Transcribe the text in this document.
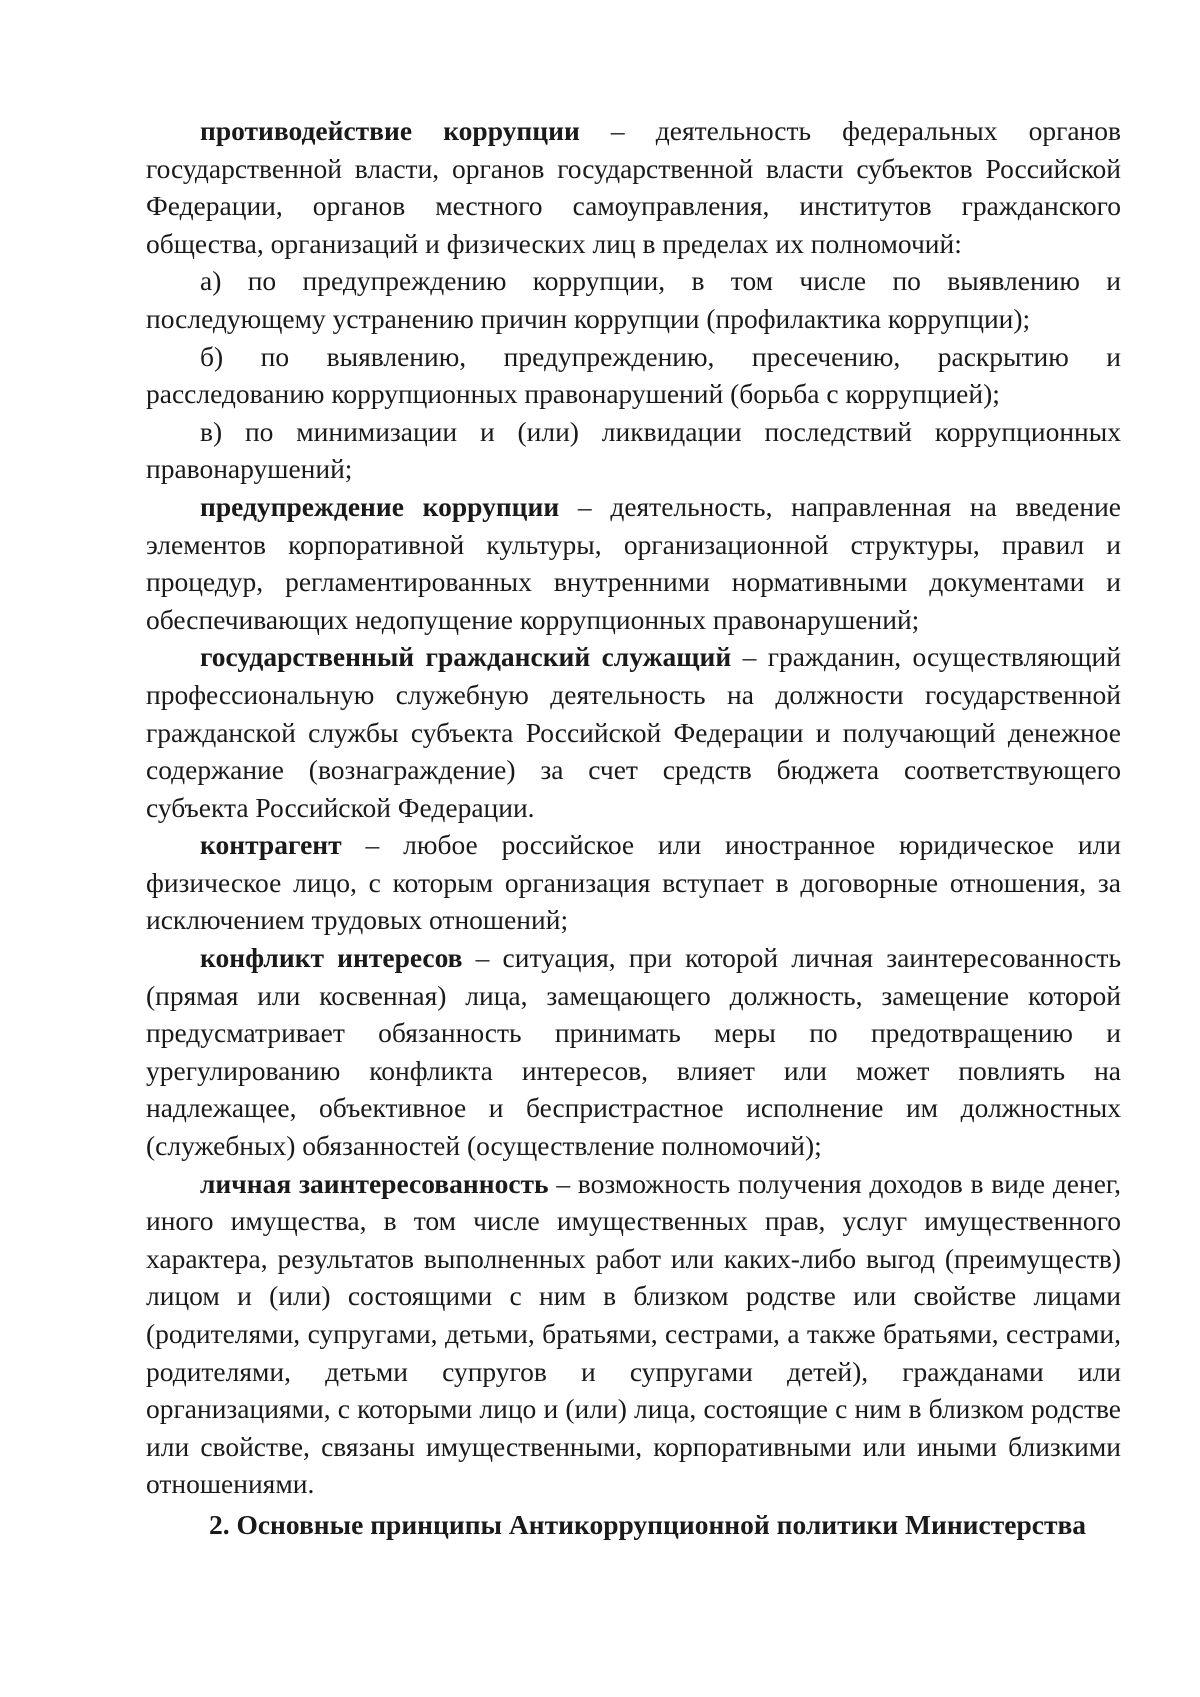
противодействие коррупции – деятельность федеральных органов государственной власти, органов государственной власти субъектов Российской Федерации, органов местного самоуправления, институтов гражданского общества, организаций и физических лиц в пределах их полномочий:

а) по предупреждению коррупции, в том числе по выявлению и последующему устранению причин коррупции (профилактика коррупции);

б) по выявлению, предупреждению, пресечению, раскрытию и расследованию коррупционных правонарушений (борьба с коррупцией);

в) по минимизации и (или) ликвидации последствий коррупционных правонарушений;

предупреждение коррупции – деятельность, направленная на введение элементов корпоративной культуры, организационной структуры, правил и процедур, регламентированных внутренними нормативными документами и обеспечивающих недопущение коррупционных правонарушений;

государственный гражданский служащий – гражданин, осуществляющий профессиональную служебную деятельность на должности государственной гражданской службы субъекта Российской Федерации и получающий денежное содержание (вознаграждение) за счет средств бюджета соответствующего субъекта Российской Федерации.

контрагент – любое российское или иностранное юридическое или физическое лицо, с которым организация вступает в договорные отношения, за исключением трудовых отношений;

конфликт интересов – ситуация, при которой личная заинтересованность (прямая или косвенная) лица, замещающего должность, замещение которой предусматривает обязанность принимать меры по предотвращению и урегулированию конфликта интересов, влияет или может повлиять на надлежащее, объективное и беспристрастное исполнение им должностных (служебных) обязанностей (осуществление полномочий);

личная заинтересованность – возможность получения доходов в виде денег, иного имущества, в том числе имущественных прав, услуг имущественного характера, результатов выполненных работ или каких-либо выгод (преимуществ) лицом и (или) состоящими с ним в близком родстве или свойстве лицами (родителями, супругами, детьми, братьями, сестрами, а также братьями, сестрами, родителями, детьми супругов и супругами детей), гражданами или организациями, с которыми лицо и (или) лица, состоящие с ним в близком родстве или свойстве, связаны имущественными, корпоративными или иными близкими отношениями.

2. Основные принципы Антикоррупционной политики Министерства
